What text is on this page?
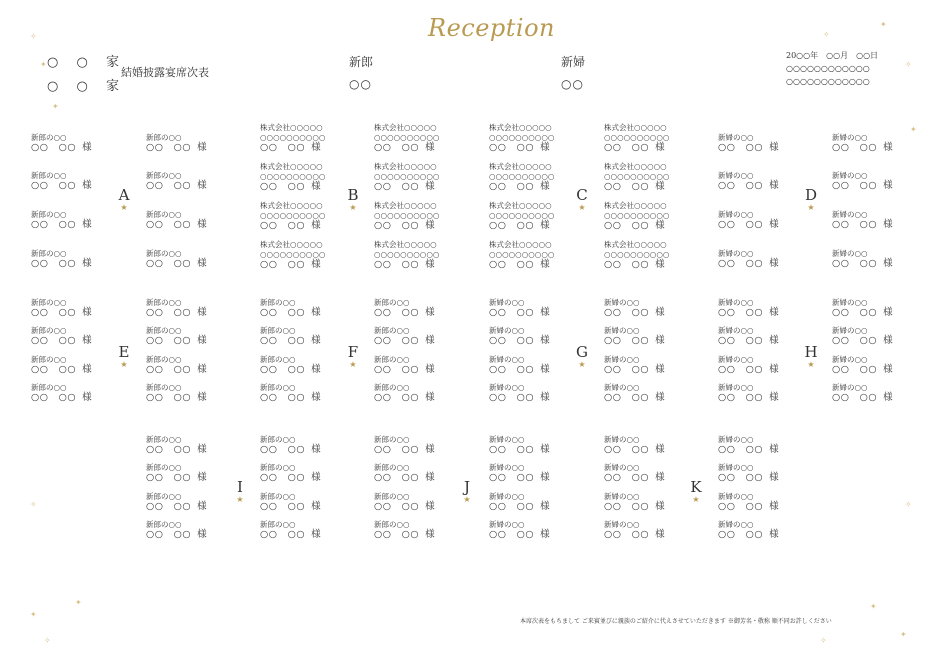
Reception
○ ○ 家
○ ○ 家
結婚披露宴席次表
新郎
○○
新婦
○○
20○○年　○○月　○○日
○○○○○○○○○○○○
○○○○○○○○○○○○
新郎の○○
○○　○○ 様
新郎の○○
○○　○○ 様
新郎の○○
○○　○○ 様
新郎の○○
○○　○○ 様
新郎の○○
○○　○○ 様
新郎の○○
○○　○○ 様
新郎の○○
○○　○○ 様
新郎の○○
○○　○○ 様
株式会社○○○○○
○○○○○○○○○○
○○　○○ 様
株式会社○○○○○
○○○○○○○○○○
○○　○○ 様
株式会社○○○○○
○○○○○○○○○○
○○　○○ 様
株式会社○○○○○
○○○○○○○○○○
○○　○○ 様
株式会社○○○○○
○○○○○○○○○○
○○　○○ 様
株式会社○○○○○
○○○○○○○○○○
○○　○○ 様
株式会社○○○○○
○○○○○○○○○○
○○　○○ 様
株式会社○○○○○
○○○○○○○○○○
○○　○○ 様
株式会社○○○○○
○○○○○○○○○○
○○　○○ 様
株式会社○○○○○
○○○○○○○○○○
○○　○○ 様
株式会社○○○○○
○○○○○○○○○○
○○　○○ 様
株式会社○○○○○
○○○○○○○○○○
○○　○○ 様
株式会社○○○○○
○○○○○○○○○○
○○　○○ 様
株式会社○○○○○
○○○○○○○○○○
○○　○○ 様
株式会社○○○○○
○○○○○○○○○○
○○　○○ 様
株式会社○○○○○
○○○○○○○○○○
○○　○○ 様
新婦の○○
○○　○○ 様
新婦の○○
○○　○○ 様
新婦の○○
○○　○○ 様
新婦の○○
○○　○○ 様
新婦の○○
○○　○○ 様
新婦の○○
○○　○○ 様
新婦の○○
○○　○○ 様
新婦の○○
○○　○○ 様
A
★
B
★
C
★
D
★
新郎の○○
○○　○○ 様
新郎の○○
○○　○○ 様
新郎の○○
○○　○○ 様
新郎の○○
○○　○○ 様
新郎の○○
○○　○○ 様
新郎の○○
○○　○○ 様
新郎の○○
○○　○○ 様
新郎の○○
○○　○○ 様
新郎の○○
○○　○○ 様
新郎の○○
○○　○○ 様
新郎の○○
○○　○○ 様
新郎の○○
○○　○○ 様
新郎の○○
○○　○○ 様
新郎の○○
○○　○○ 様
新郎の○○
○○　○○ 様
新郎の○○
○○　○○ 様
新婦の○○
○○　○○ 様
新婦の○○
○○　○○ 様
新婦の○○
○○　○○ 様
新婦の○○
○○　○○ 様
新婦の○○
○○　○○ 様
新婦の○○
○○　○○ 様
新婦の○○
○○　○○ 様
新婦の○○
○○　○○ 様
新婦の○○
○○　○○ 様
新婦の○○
○○　○○ 様
新婦の○○
○○　○○ 様
新婦の○○
○○　○○ 様
新婦の○○
○○　○○ 様
新婦の○○
○○　○○ 様
新婦の○○
○○　○○ 様
新婦の○○
○○　○○ 様
E
★
F
★
G
★
H
★
新郎の○○
○○　○○ 様
新郎の○○
○○　○○ 様
新郎の○○
○○　○○ 様
新郎の○○
○○　○○ 様
新郎の○○
○○　○○ 様
新郎の○○
○○　○○ 様
新郎の○○
○○　○○ 様
新郎の○○
○○　○○ 様
新郎の○○
○○　○○ 様
新郎の○○
○○　○○ 様
新郎の○○
○○　○○ 様
新郎の○○
○○　○○ 様
新婦の○○
○○　○○ 様
新婦の○○
○○　○○ 様
新婦の○○
○○　○○ 様
新婦の○○
○○　○○ 様
新婦の○○
○○　○○ 様
新婦の○○
○○　○○ 様
新婦の○○
○○　○○ 様
新婦の○○
○○　○○ 様
新婦の○○
○○　○○ 様
新婦の○○
○○　○○ 様
新婦の○○
○○　○○ 様
新婦の○○
○○　○○ 様
I
★
J
★
K
★
本席次表をもちまして ご来賓並びに親族のご紹介に代えさせていただきます ※御芳名・敬称 順不同お許しください
✦
✦
✧
✦
✧
✦
✧
✦
✦
✧
✦
✦
✧
✧	✧
